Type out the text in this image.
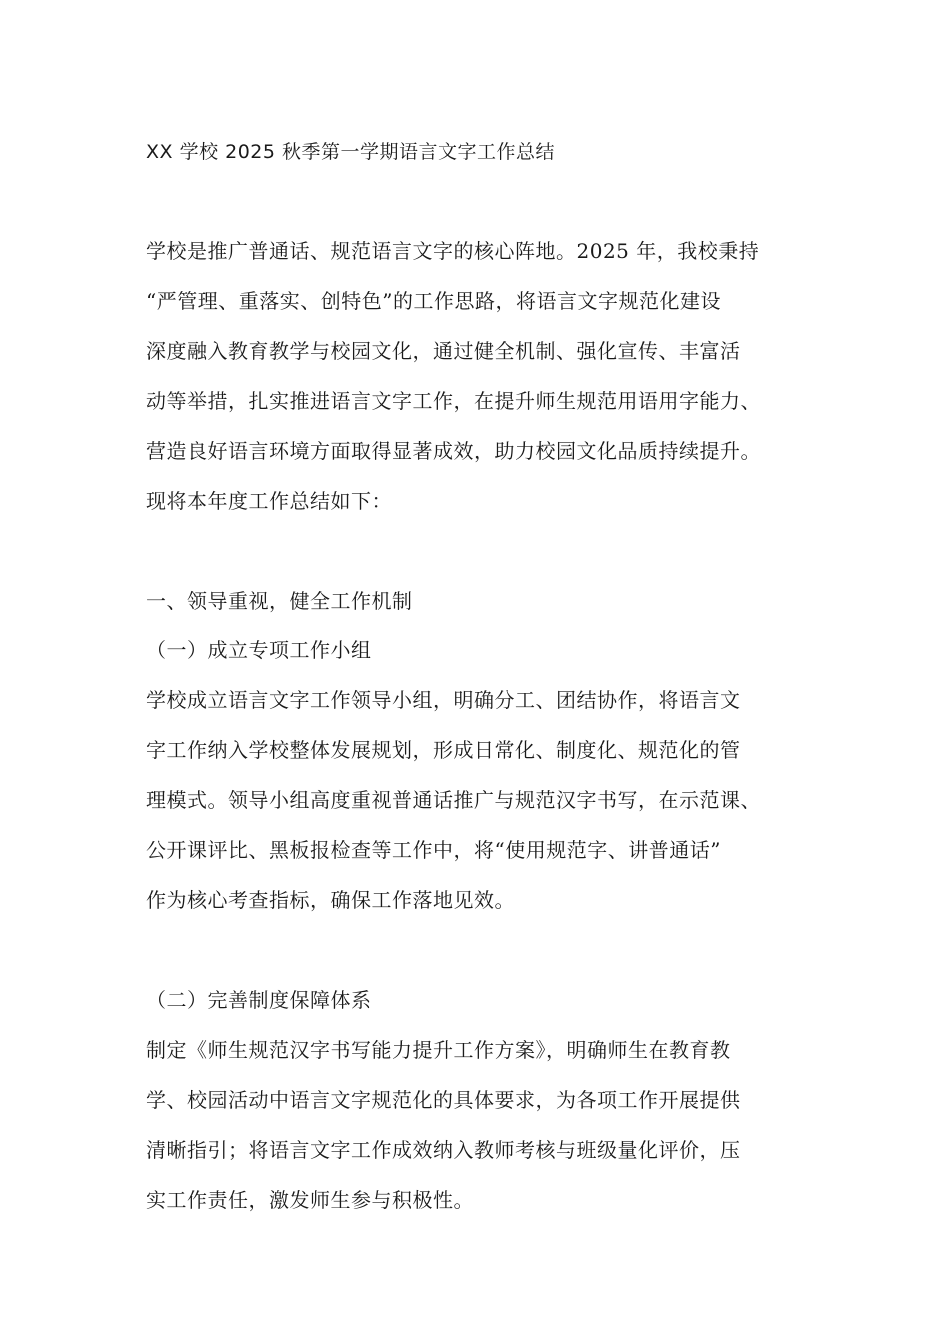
XX 学校 2025 秋季第一学期语言文字工作总结
学校是推广普通话、规范语言文字的核心阵地。2025 年，我校秉持
“严管理、重落实、创特色”的工作思路，将语言文字规范化建设
深度融入教育教学与校园文化，通过健全机制、强化宣传、丰富活
动等举措，扎实推进语言文字工作，在提升师生规范用语用字能力、
营造良好语言环境方面取得显著成效，助力校园文化品质持续提升。
现将本年度工作总结如下：
一、领导重视，健全工作机制
（一）成立专项工作小组
学校成立语言文字工作领导小组，明确分工、团结协作，将语言文
字工作纳入学校整体发展规划，形成日常化、制度化、规范化的管
理模式。领导小组高度重视普通话推广与规范汉字书写，在示范课、
公开课评比、黑板报检查等工作中，将“使用规范字、讲普通话”
作为核心考查指标，确保工作落地见效。
（二）完善制度保障体系
制定《师生规范汉字书写能力提升工作方案》，明确师生在教育教
学、校园活动中语言文字规范化的具体要求，为各项工作开展提供
清晰指引；将语言文字工作成效纳入教师考核与班级量化评价，压
实工作责任，激发师生参与积极性。
